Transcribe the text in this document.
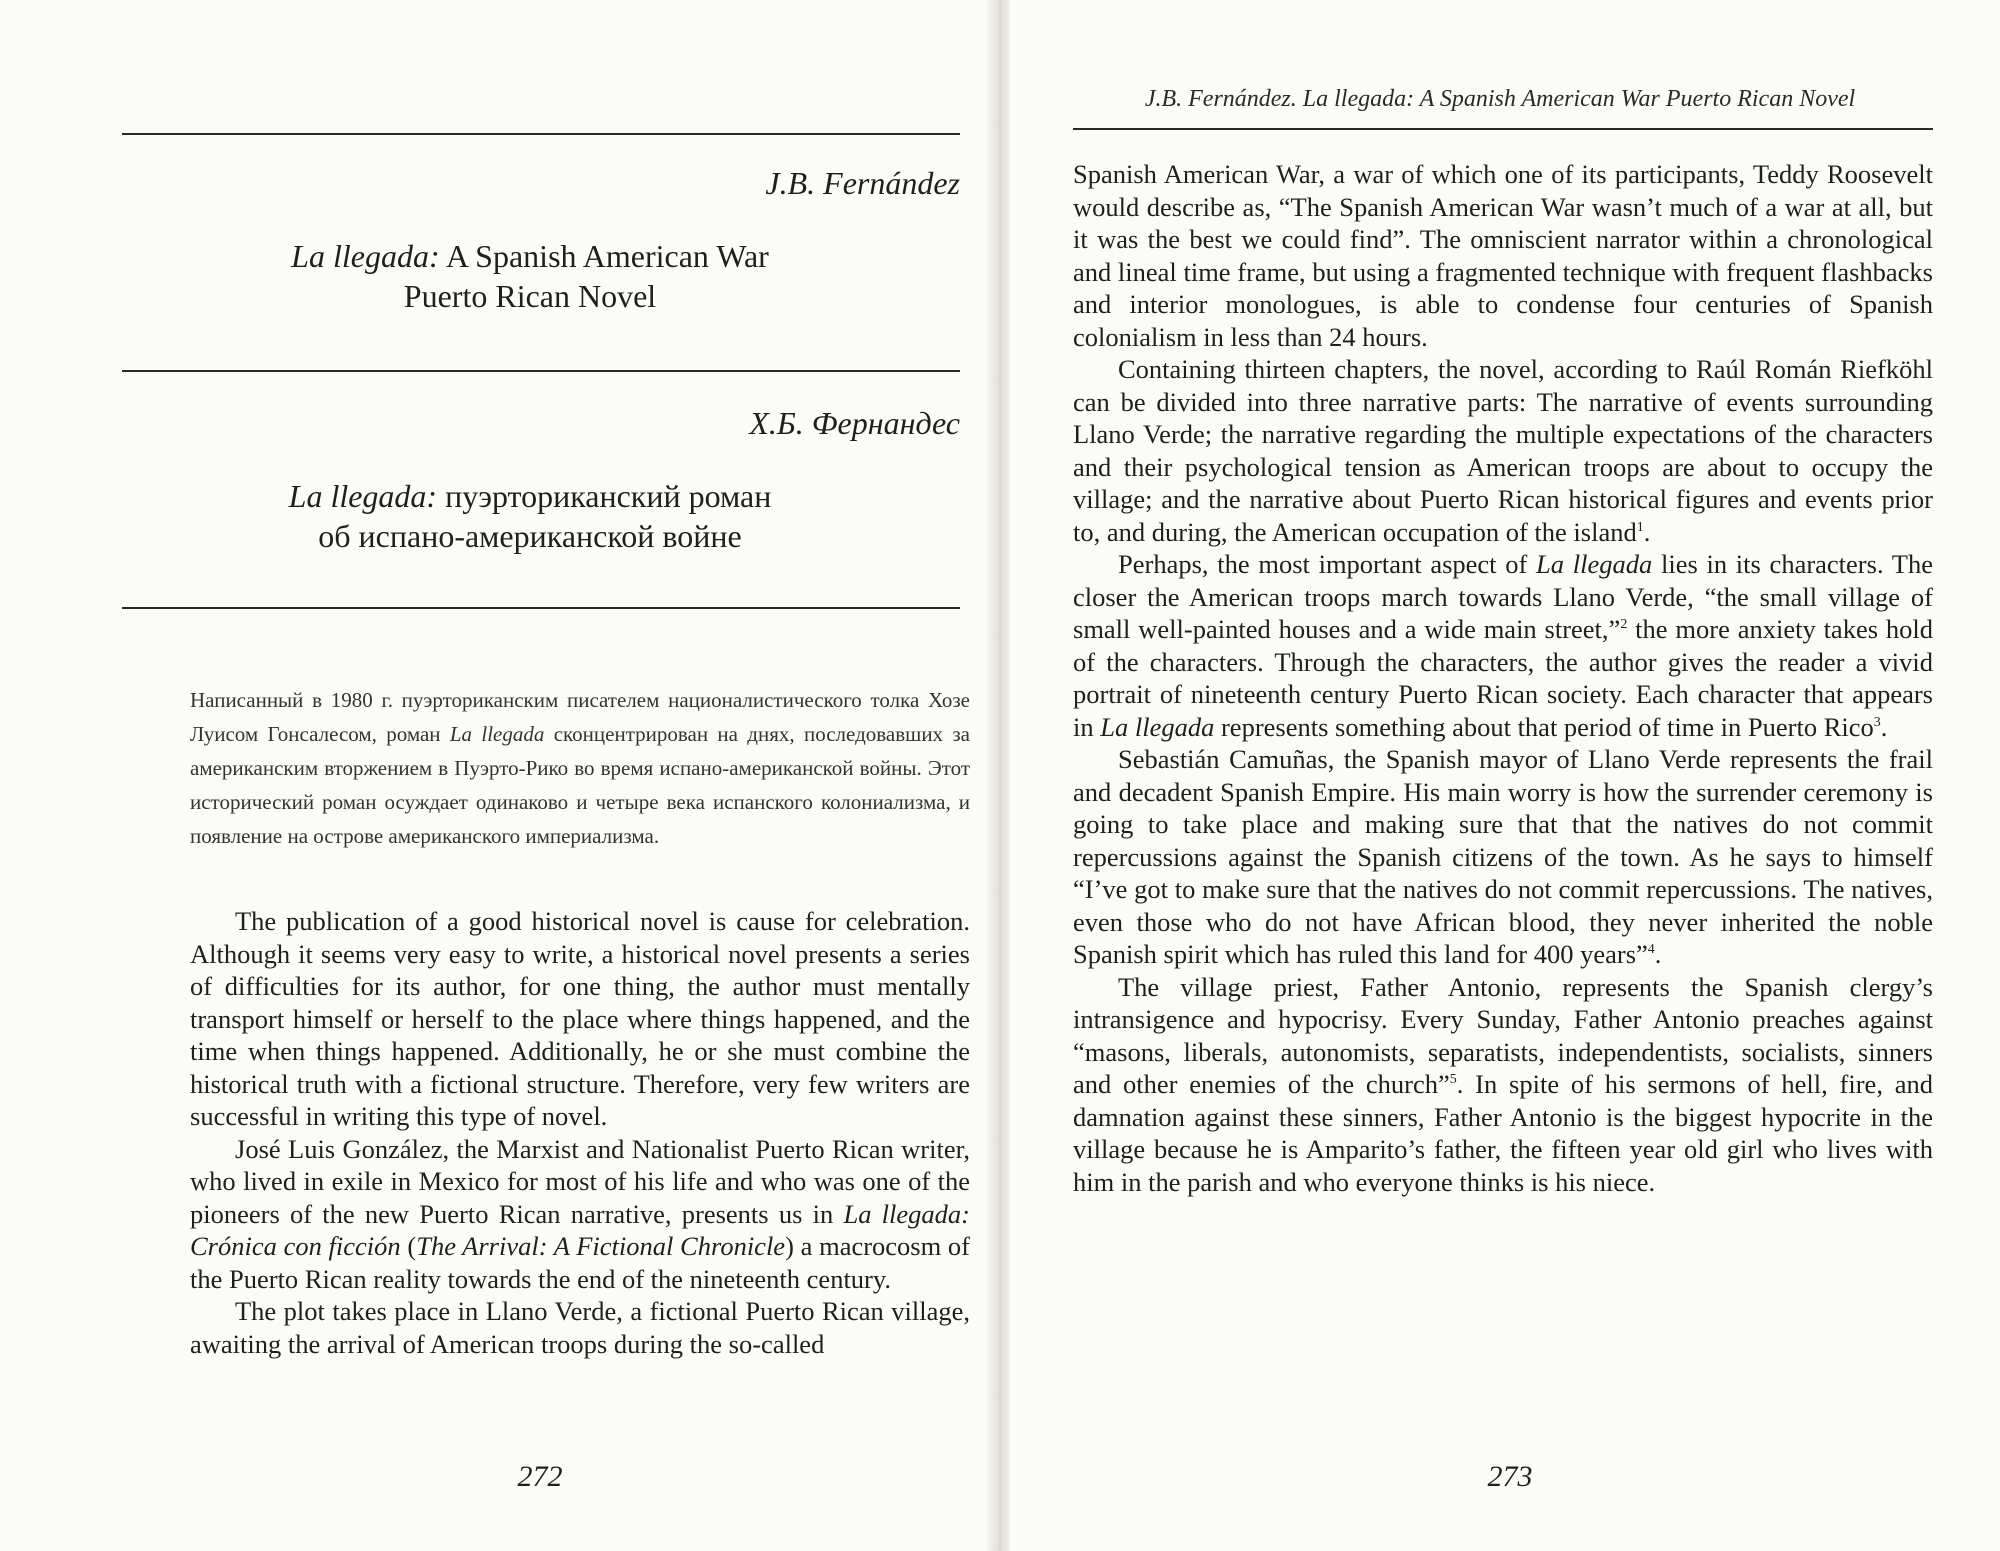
J.B. Fernández
La llegada: A Spanish American War
Puerto Rican Novel
Х.Б. Фернандес
La llegada: пуэрториканский роман
об испано-американской войне
Написанный в 1980 г. пуэрториканским писателем националистического толка Хозе Луисом Гонсалесом, роман La llegada сконцентрирован на днях, последовавших за американским вторжением в Пуэрто-Рико во время испано-американской войны. Этот исторический роман осуждает одинаково и четыре века испанского колониализма, и появление на острове американского империализма.

The publication of a good historical novel is cause for celebration. Although it seems very easy to write, a historical novel presents a series of difficulties for its author, for one thing, the author must mentally transport himself or herself to the place where things happened, and the time when things happened. Additionally, he or she must combine the historical truth with a fictional structure. Therefore, very few writers are successful in writing this type of novel.

José Luis González, the Marxist and Nationalist Puerto Rican writer, who lived in exile in Mexico for most of his life and who was one of the pioneers of the new Puerto Rican narrative, presents us in La llegada: Crónica con ficción (The Arrival: A Fictional Chronicle) a macrocosm of the Puerto Rican reality towards the end of the nineteenth century.

The plot takes place in Llano Verde, a fictional Puerto Rican village, awaiting the arrival of American troops during the so-called

272
J.B. Fernández. La llegada: A Spanish American War Puerto Rican Novel

Spanish American War, a war of which one of its participants, Teddy Roosevelt would describe as, “The Spanish American War wasn’t much of a war at all, but it was the best we could find”. The omniscient narrator within a chronological and lineal time frame, but using a fragmented technique with frequent flashbacks and interior monologues, is able to condense four centuries of Spanish colonialism in less than 24 hours.

Containing thirteen chapters, the novel, according to Raúl Román Riefköhl can be divided into three narrative parts: The narrative of events surrounding Llano Verde; the narrative regarding the multiple expectations of the characters and their psychological tension as American troops are about to occupy the village; and the narrative about Puerto Rican historical figures and events prior to, and during, the American occupation of the island$^1$.

Perhaps, the most important aspect of La llegada lies in its characters. The closer the American troops march towards Llano Verde, “the small village of small well-painted houses and a wide main street,”$^2$ the more anxiety takes hold of the characters. Through the characters, the author gives the reader a vivid portrait of nineteenth century Puerto Rican society. Each character that appears in La llegada represents something about that period of time in Puerto Rico$^3$.

Sebastián Camuñas, the Spanish mayor of Llano Verde represents the frail and decadent Spanish Empire. His main worry is how the surrender ceremony is going to take place and making sure that that the natives do not commit repercussions against the Spanish citizens of the town. As he says to himself “I’ve got to make sure that the natives do not commit repercussions. The natives, even those who do not have African blood, they never inherited the noble Spanish spirit which has ruled this land for 400 years”$^4$.

The village priest, Father Antonio, represents the Spanish clergy’s intransigence and hypocrisy. Every Sunday, Father Antonio preaches against “masons, liberals, autonomists, separatists, independentists, socialists, sinners and other enemies of the church”$^5$. In spite of his sermons of hell, fire, and damnation against these sinners, Father Antonio is the biggest hypocrite in the village because he is Amparito’s father, the fifteen year old girl who lives with him in the parish and who everyone thinks is his niece.

273
